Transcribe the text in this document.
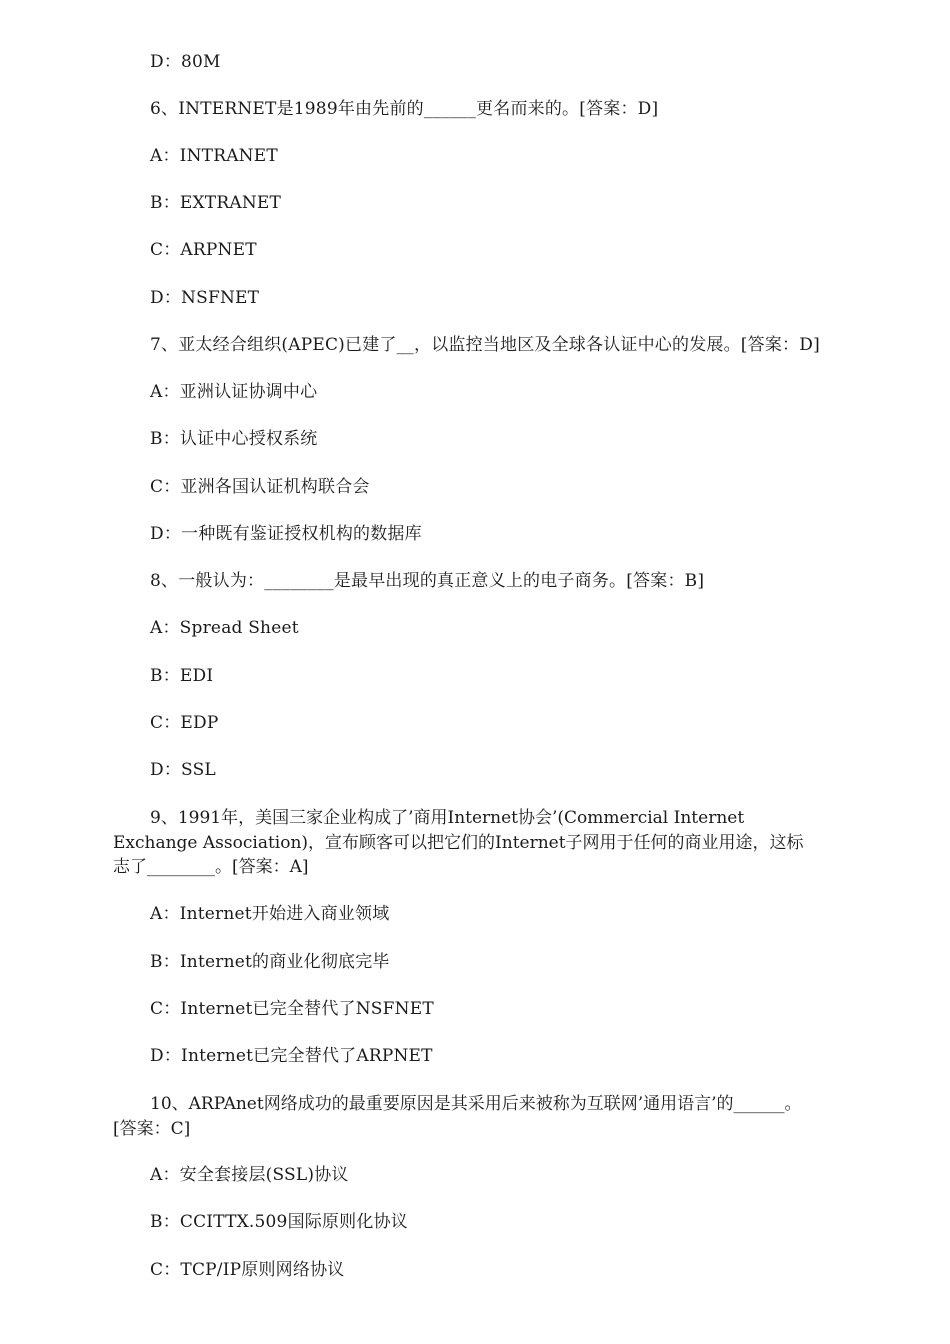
D：80M
6、INTERNET是1989年由先前的______更名而来的。[答案：D]
A：INTRANET
B：EXTRANET
C：ARPNET
D：NSFNET
7、亚太经合组织(APEC)已建了__，以监控当地区及全球各认证中心的发展。[答案：D]
A：亚洲认证协调中心
B：认证中心授权系统
C：亚洲各国认证机构联合会
D：一种既有鉴证授权机构的数据库
8、一般认为：________是最早出现的真正意义上的电子商务。[答案：B]
A：Spread Sheet
B：EDI
C：EDP
D：SSL
9、1991年，美国三家企业构成了’商用Internet协会’(Commercial Internet
Exchange Association)，宣布顾客可以把它们的Internet子网用于任何的商业用途，这标
志了________。[答案：A]
A：Internet开始进入商业领域
B：Internet的商业化彻底完毕
C：Internet已完全替代了NSFNET
D：Internet已完全替代了ARPNET
10、ARPAnet网络成功的最重要原因是其采用后来被称为互联网’通用语言’的______。
[答案：C]
A：安全套接层(SSL)协议
B：CCITTX.509国际原则化协议
C：TCP/IP原则网络协议
